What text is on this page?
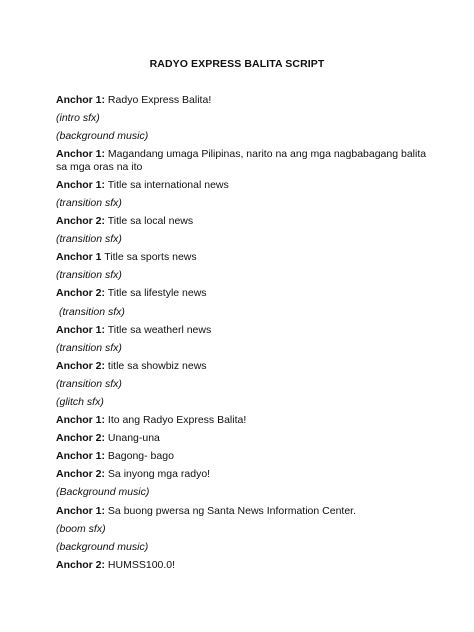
RADYO EXPRESS BALITA SCRIPT
Anchor 1: Radyo Express Balita!
(intro sfx)
(background music)
Anchor 1: Magandang umaga Pilipinas, narito na ang mga nagbabagang balita sa mga oras na ito
Anchor 1: Title sa international news
(transition sfx)
Anchor 2: Title sa local news
(transition sfx)
Anchor 1 Title sa sports news
(transition sfx)
Anchor 2: Title sa lifestyle news
(transition sfx)
Anchor 1: Title sa weatherl news
(transition sfx)
Anchor 2: title sa showbiz news
(transition sfx)
(glitch sfx)
Anchor 1: Ito ang Radyo Express Balita!
Anchor 2: Unang-una
Anchor 1: Bagong- bago
Anchor 2: Sa inyong mga radyo!
(Background music)
Anchor 1: Sa buong pwersa ng Santa News Information Center.
(boom sfx)
(background music)
Anchor 2: HUMSS100.0!
